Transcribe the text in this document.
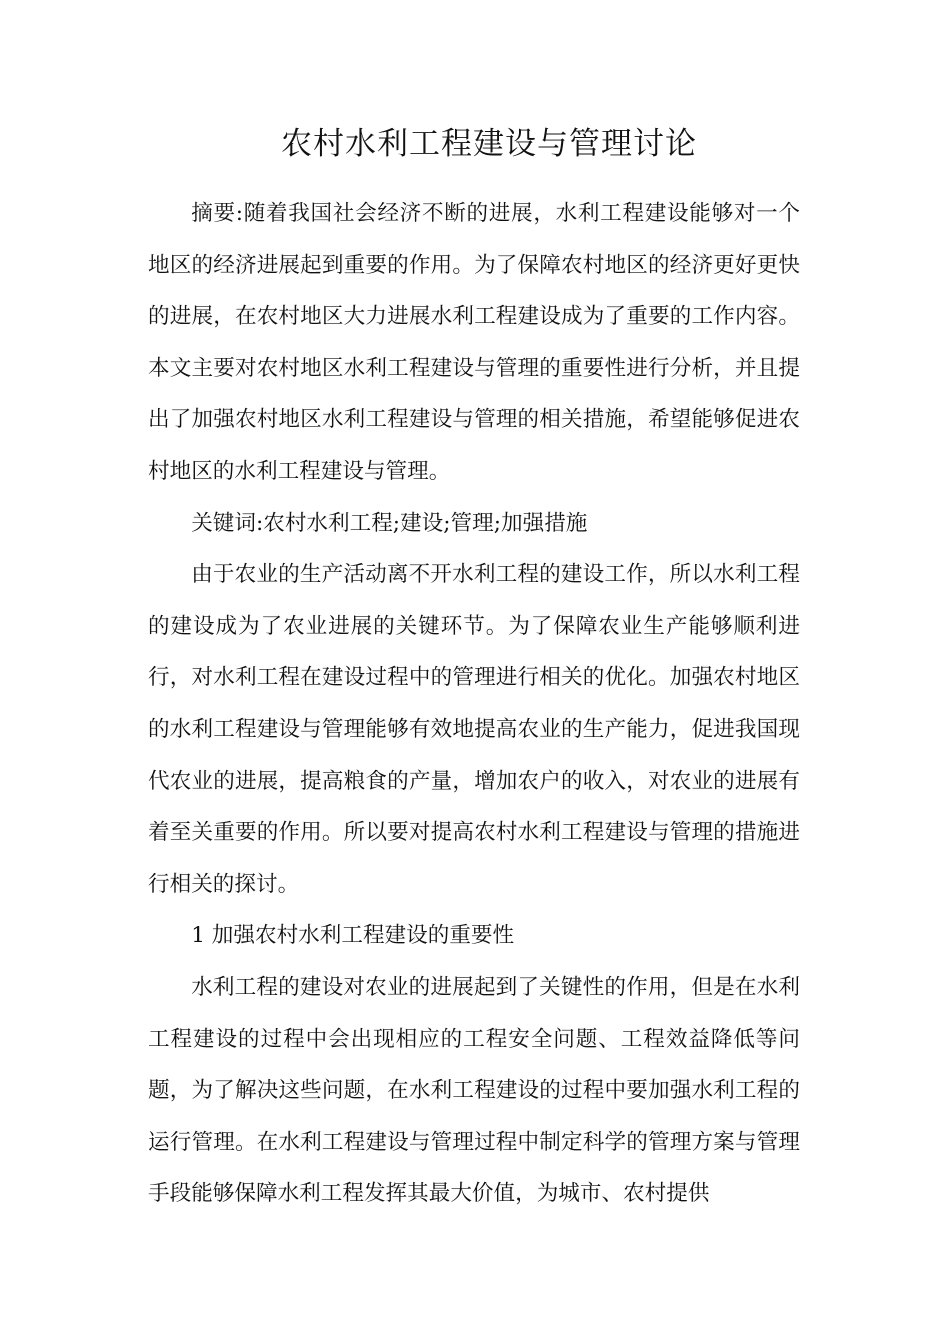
农村水利工程建设与管理讨论

摘要:随着我国社会经济不断的进展，水利工程建设能够对一个地区的经济进展起到重要的作用。为了保障农村地区的经济更好更快的进展，在农村地区大力进展水利工程建设成为了重要的工作内容。本文主要对农村地区水利工程建设与管理的重要性进行分析，并且提出了加强农村地区水利工程建设与管理的相关措施，希望能够促进农村地区的水利工程建设与管理。

关键词:农村水利工程;建设;管理;加强措施

由于农业的生产活动离不开水利工程的建设工作，所以水利工程的建设成为了农业进展的关键环节。为了保障农业生产能够顺利进行，对水利工程在建设过程中的管理进行相关的优化。加强农村地区的水利工程建设与管理能够有效地提高农业的生产能力，促进我国现代农业的进展，提高粮食的产量，增加农户的收入，对农业的进展有着至关重要的作用。所以要对提高农村水利工程建设与管理的措施进行相关的探讨。

1 加强农村水利工程建设的重要性

水利工程的建设对农业的进展起到了关键性的作用，但是在水利工程建设的过程中会出现相应的工程安全问题、工程效益降低等问题，为了解决这些问题，在水利工程建设的过程中要加强水利工程的运行管理。在水利工程建设与管理过程中制定科学的管理方案与管理手段能够保障水利工程发挥其最大价值，为城市、农村提供
